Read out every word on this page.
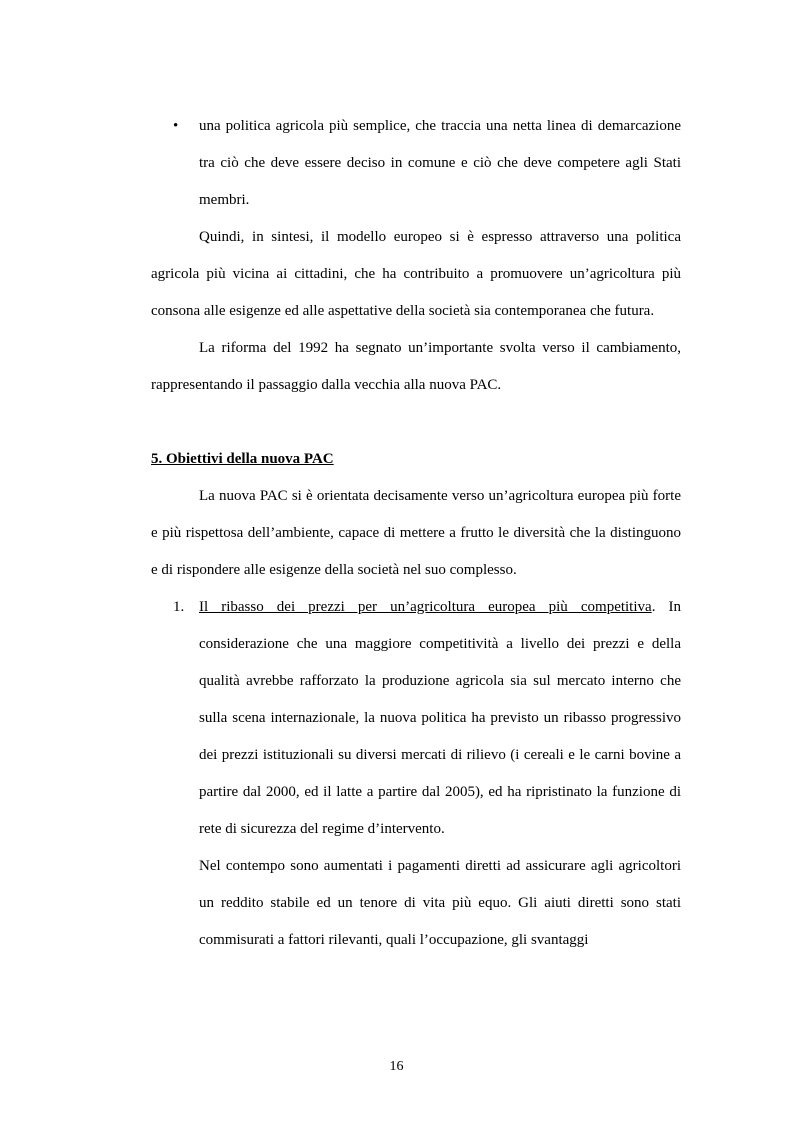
• una politica agricola più semplice, che traccia una netta linea di demarcazione tra ciò che deve essere deciso in comune e ciò che deve competere agli Stati membri.

Quindi, in sintesi, il modello europeo si è espresso attraverso una politica agricola più vicina ai cittadini, che ha contribuito a promuovere un’agricoltura più consona alle esigenze ed alle aspettative della società sia contemporanea che futura.

La riforma del 1992 ha segnato un’importante svolta verso il cambiamento, rappresentando il passaggio dalla vecchia alla nuova PAC.

5. Obiettivi della nuova PAC

La nuova PAC si è orientata decisamente verso un’agricoltura europea più forte e più rispettosa dell’ambiente, capace di mettere a frutto le diversità che la distinguono e di rispondere alle esigenze della società nel suo complesso.

1. Il ribasso dei prezzi per un’agricoltura europea più competitiva. In considerazione che una maggiore competitività a livello dei prezzi e della qualità avrebbe rafforzato la produzione agricola sia sul mercato interno che sulla scena internazionale, la nuova politica ha previsto un ribasso progressivo dei prezzi istituzionali su diversi mercati di rilievo (i cereali e le carni bovine a partire dal 2000, ed il latte a partire dal 2005), ed ha ripristinato la funzione di rete di sicurezza del regime d’intervento.

Nel contempo sono aumentati i pagamenti diretti ad assicurare agli agricoltori un reddito stabile ed un tenore di vita più equo. Gli aiuti diretti sono stati commisurati a fattori rilevanti, quali l’occupazione, gli svantaggi

16
